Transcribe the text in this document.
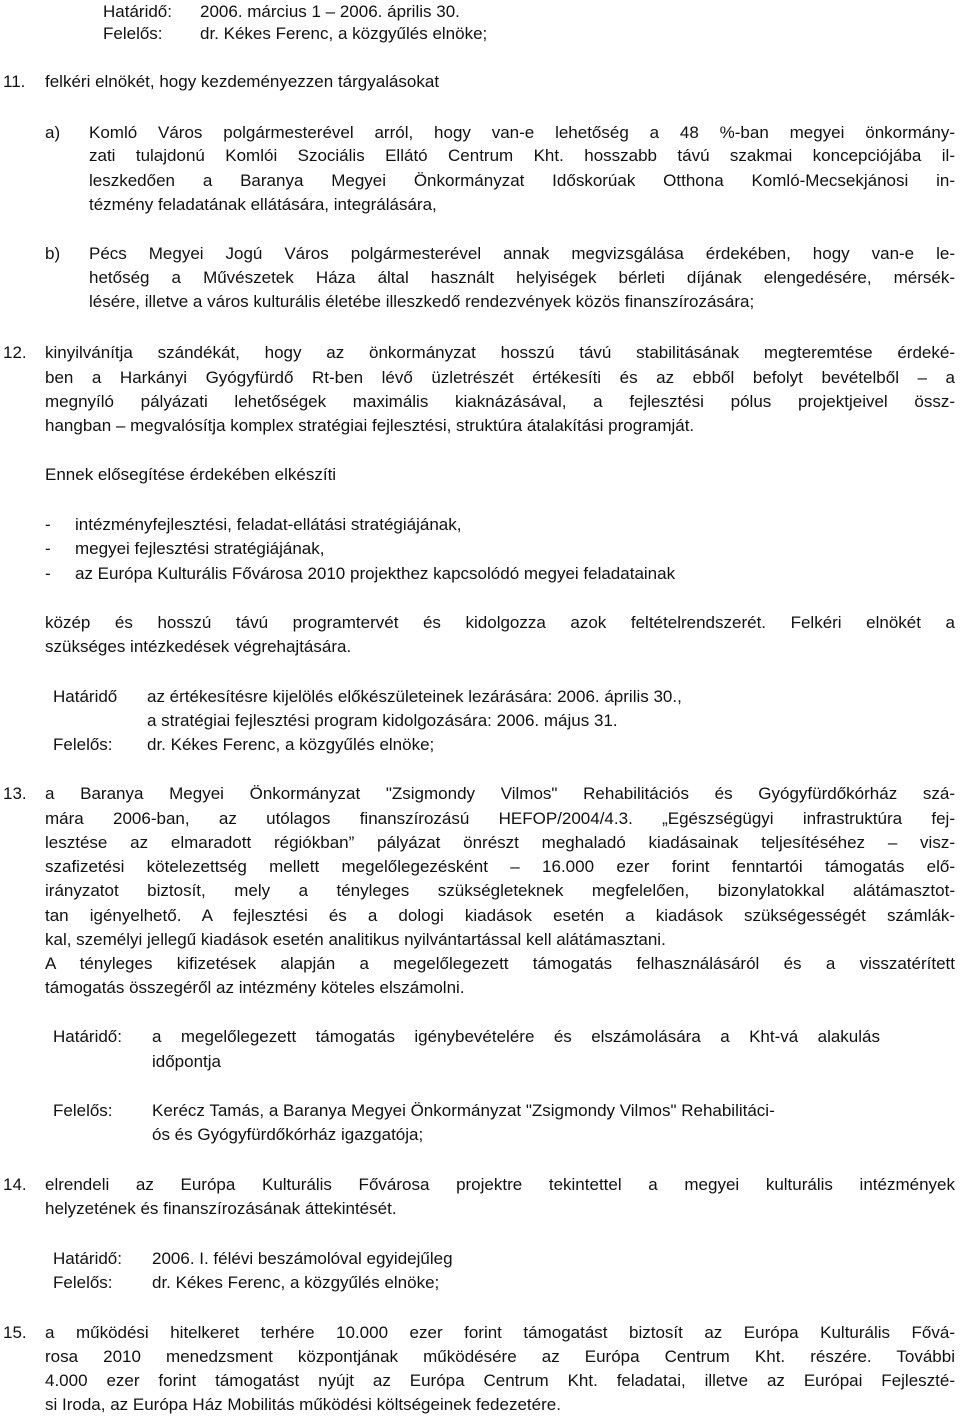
Határidő: 2006. március 1 – 2006. április 30.
Felelős: dr. Kékes Ferenc, a közgyűlés elnöke;
11. felkéri elnökét, hogy kezdeményezzen tárgyalásokat
a) Komló Város polgármesterével arról, hogy van-e lehetőség a 48 %-ban megyei önkormány-
zati tulajdonú Komlói Szociális Ellátó Centrum Kht. hosszabb távú szakmai koncepciójába il-
leszkedően a Baranya Megyei Önkormányzat Időskorúak Otthona Komló-Mecsekjánosi in-
tézmény feladatának ellátására, integrálására,
b) Pécs Megyei Jogú Város polgármesterével annak megvizsgálása érdekében, hogy van-e le-
hetőség a Művészetek Háza által használt helyiségek bérleti díjának elengedésére, mérsék-
lésére, illetve a város kulturális életébe illeszkedő rendezvények közös finanszírozására;
12. kinyilvánítja szándékát, hogy az önkormányzat hosszú távú stabilitásának megteremtése érdeké-
ben a Harkányi Gyógyfürdő Rt-ben lévő üzletrészét értékesíti és az ebből befolyt bevételből – a
megnyíló pályázati lehetőségek maximális kiaknázásával, a fejlesztési pólus projektjeivel össz-
hangban – megvalósítja komplex stratégiai fejlesztési, struktúra átalakítási programját.
Ennek elősegítése érdekében elkészíti
- intézményfejlesztési, feladat-ellátási stratégiájának,
- megyei fejlesztési stratégiájának,
- az Európa Kulturális Fővárosa 2010 projekthez kapcsolódó megyei feladatainak
közép és hosszú távú programtervét és kidolgozza azok feltételrendszerét. Felkéri elnökét a
szükséges intézkedések végrehajtására.
Határidő az értékesítésre kijelölés előkészületeinek lezárására: 2006. április 30.,
a stratégiai fejlesztési program kidolgozására: 2006. május 31.
Felelős: dr. Kékes Ferenc, a közgyűlés elnöke;
13. a Baranya Megyei Önkormányzat "Zsigmondy Vilmos" Rehabilitációs és Gyógyfürdőkórház szá-
mára 2006-ban, az utólagos finanszírozású HEFOP/2004/4.3. „Egészségügyi infrastruktúra fej-
lesztése az elmaradott régiókban” pályázat önrészt meghaladó kiadásainak teljesítéséhez – visz-
szafizetési kötelezettség mellett megelőlegezésként – 16.000 ezer forint fenntartói támogatás elő-
irányzatot biztosít, mely a tényleges szükségleteknek megfelelően, bizonylatokkal alátámasztot-
tan igényelhető. A fejlesztési és a dologi kiadások esetén a kiadások szükségességét számlák-
kal, személyi jellegű kiadások esetén analitikus nyilvántartással kell alátámasztani.
A tényleges kifizetések alapján a megelőlegezett támogatás felhasználásáról és a visszatérített
támogatás összegéről az intézmény köteles elszámolni.
Határidő: a megelőlegezett támogatás igénybevételére és elszámolására a Kht-vá alakulás
időpontja
Felelős: Kerécz Tamás, a Baranya Megyei Önkormányzat "Zsigmondy Vilmos" Rehabilitáci-
ós és Gyógyfürdőkórház igazgatója;
14. elrendeli az Európa Kulturális Fővárosa projektre tekintettel a megyei kulturális intézmények
helyzetének és finanszírozásának áttekintését.
Határidő: 2006. I. félévi beszámolóval egyidejűleg
Felelős: dr. Kékes Ferenc, a közgyűlés elnöke;
15. a működési hitelkeret terhére 10.000 ezer forint támogatást biztosít az Európa Kulturális Fővá-
rosa 2010 menedzsment központjának működésére az Európa Centrum Kht. részére. További
4.000 ezer forint támogatást nyújt az Európa Centrum Kht. feladatai, illetve az Európai Fejleszté-
si Iroda, az Európa Ház Mobilitás működési költségeinek fedezetére.
